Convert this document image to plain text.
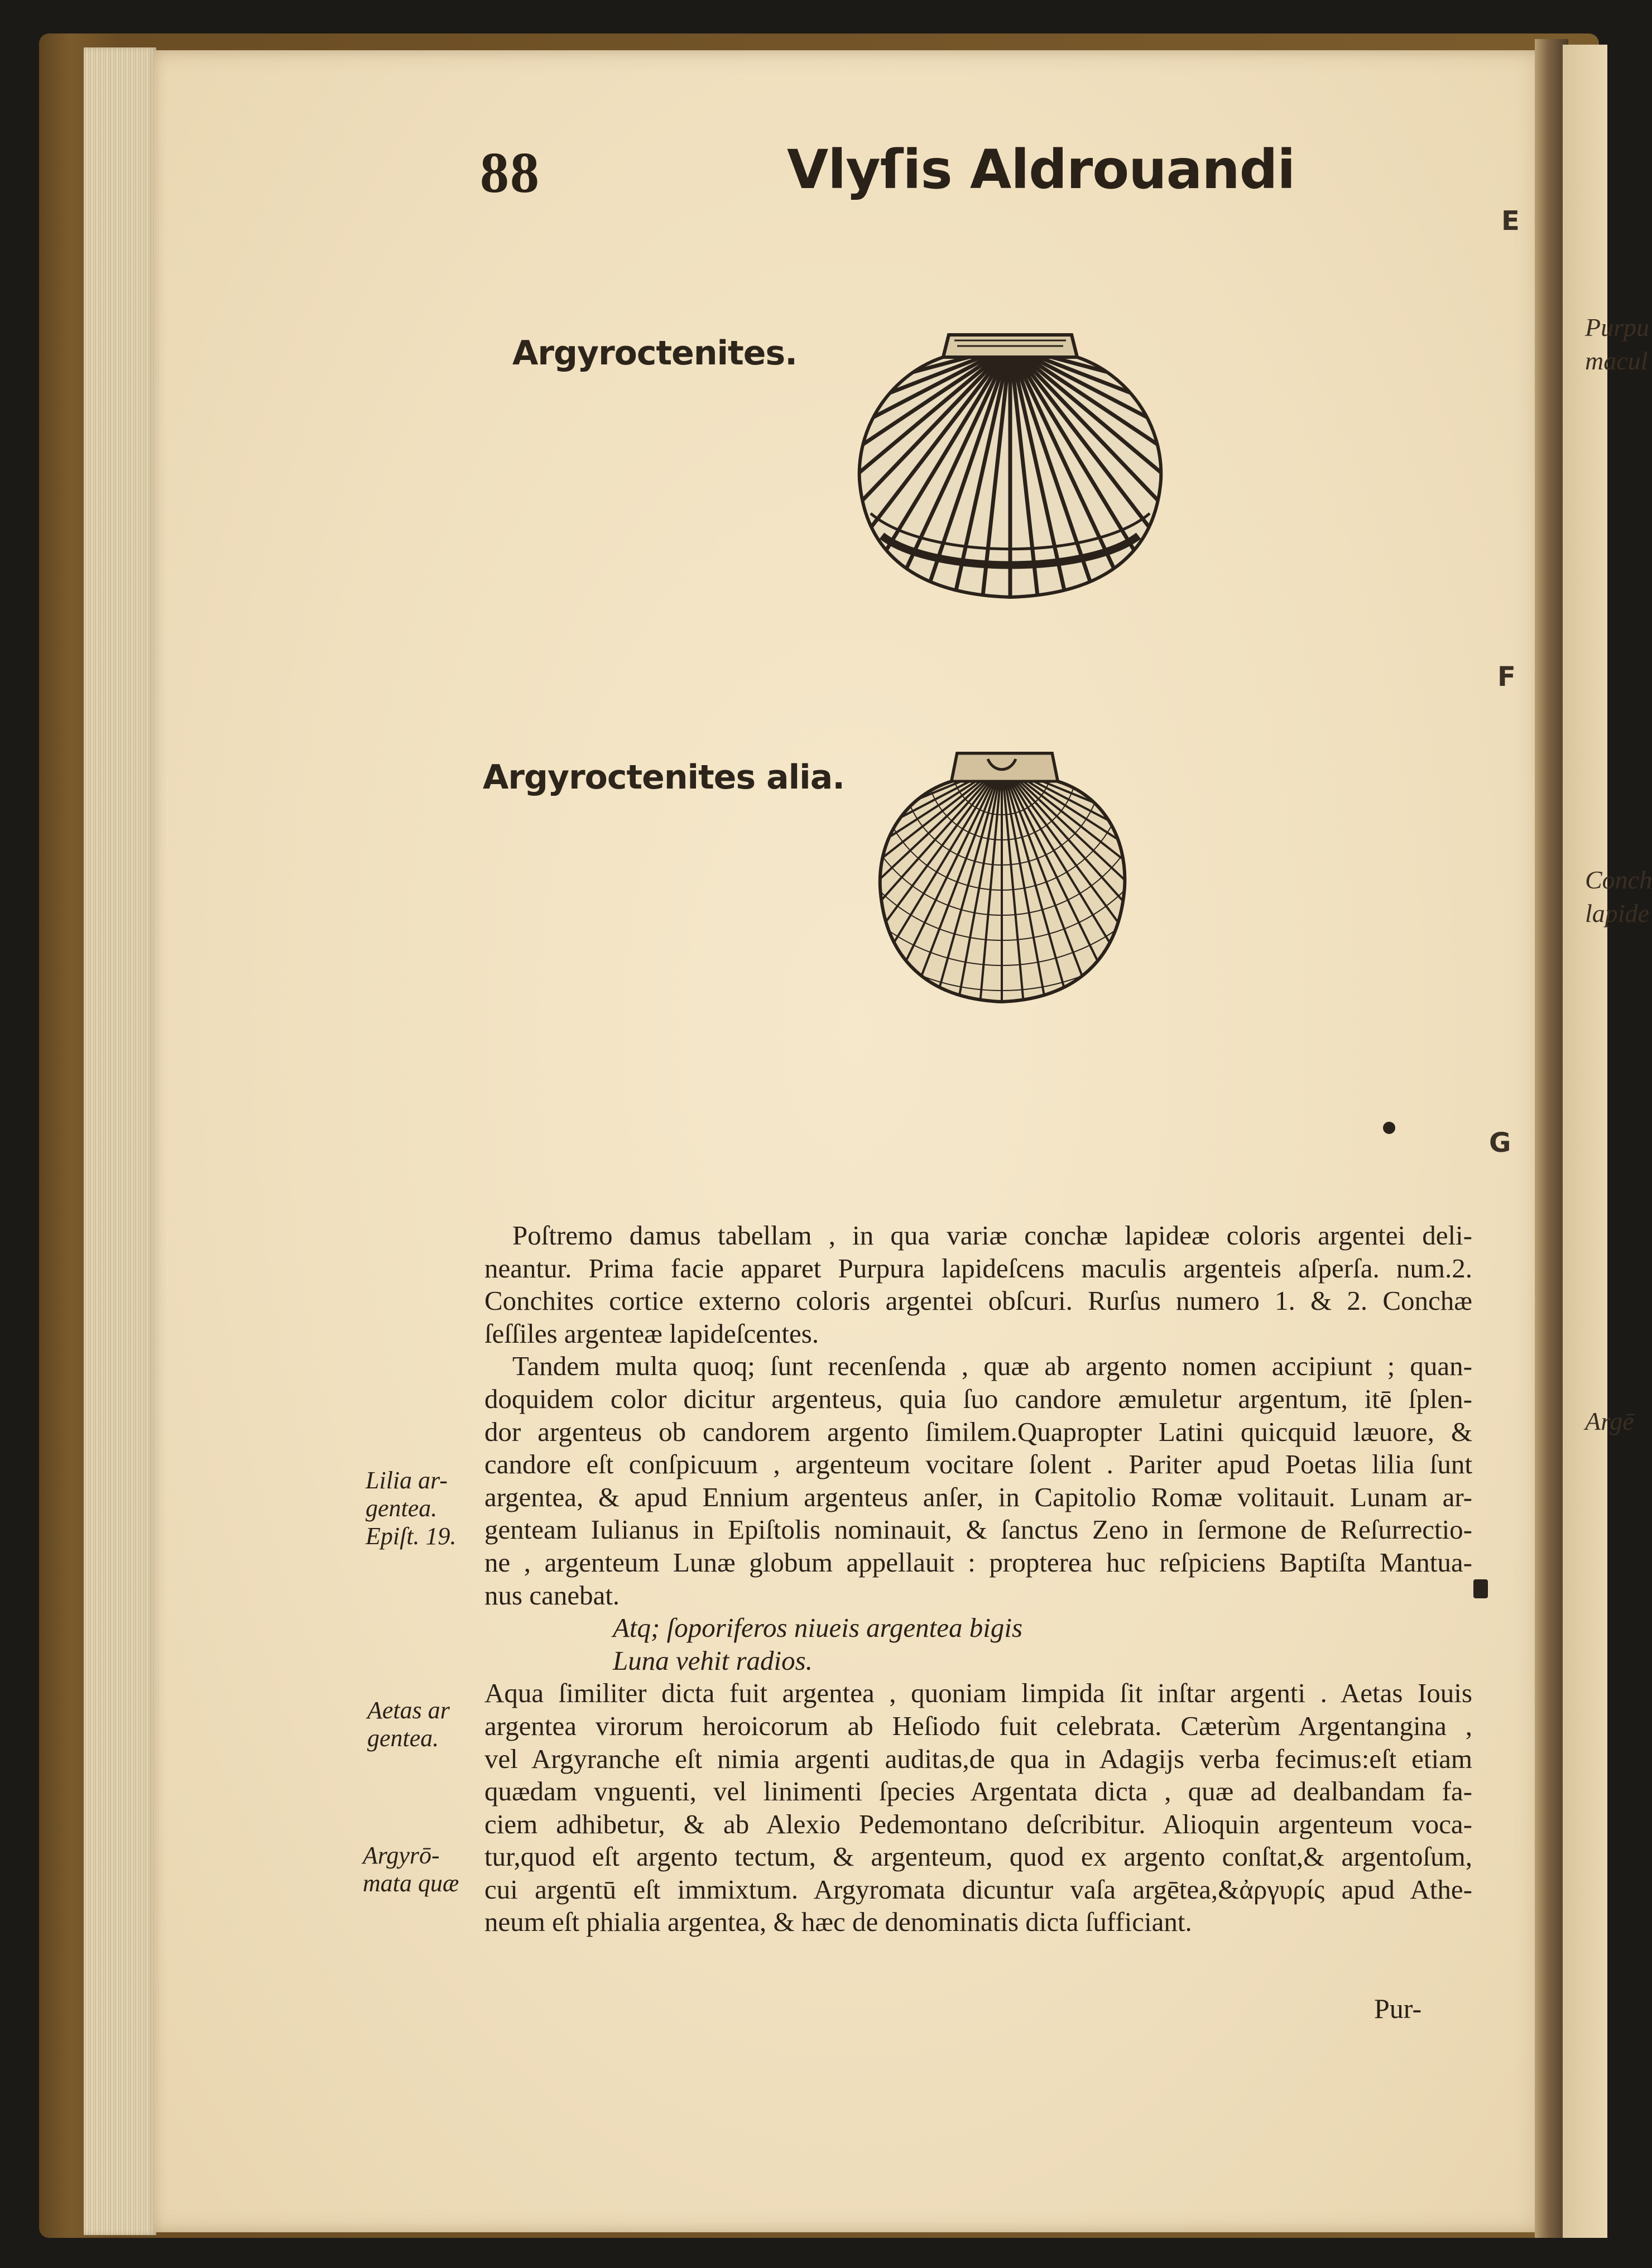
Purpu
macul
Conch
lapide
Argē
88	Vlyſis Aldrouandi
E
F
G
Argyroctenites.
Argyroctenites alia.
Poſtremo damus tabellam , in qua variæ conchæ lapideæ coloris argentei deli-
neantur. Prima facie apparet Purpura lapideſcens maculis argenteis aſperſa. num.2.
Conchites cortice externo coloris argentei obſcuri. Rurſus numero 1. & 2. Conchæ
ſeſſiles argenteæ lapideſcentes.
Tandem multa quoq; ſunt recenſenda , quæ ab argento nomen accipiunt ; quan-
doquidem color dicitur argenteus, quia ſuo candore æmuletur argentum, itē ſplen-
dor argenteus ob candorem argento ſimilem.Quapropter Latini quicquid læuore, &
candore eſt conſpicuum , argenteum vocitare ſolent . Pariter apud Poetas lilia ſunt
argentea, & apud Ennium argenteus anſer, in Capitolio Romæ volitauit. Lunam ar-
genteam Iulianus in Epiſtolis nominauit, & ſanctus Zeno in ſermone de Reſurrectio-
ne , argenteum Lunæ globum appellauit : propterea huc reſpiciens Baptiſta Mantua-
nus canebat.
Atq; ſoporiferos niueis argentea bigis
Luna vehit radios.
Aqua ſimiliter dicta fuit argentea , quoniam limpida ſit inſtar argenti . Aetas Iouis
argentea virorum heroicorum ab Heſiodo fuit celebrata. Cæterùm Argentangina ,
vel Argyranche eſt nimia argenti auditas,de qua in Adagijs verba fecimus:eſt etiam
quædam vnguenti, vel linimenti ſpecies Argentata dicta , quæ ad dealbandam fa-
ciem adhibetur, & ab Alexio Pedemontano deſcribitur. Alioquin argenteum voca-
tur,quod eſt argento tectum, & argenteum, quod ex argento conſtat,& argentoſum,
cui argentū eſt immixtum. Argyromata dicuntur vaſa argētea,&ἀργυρίς apud Athe-
neum eſt phialia argentea, & hæc de denominatis dicta ſufficiant.
Lilia ar-
gentea.
Epiſt. 19.
Aetas ar
gentea.
Argyrō-
mata quæ
Pur-
